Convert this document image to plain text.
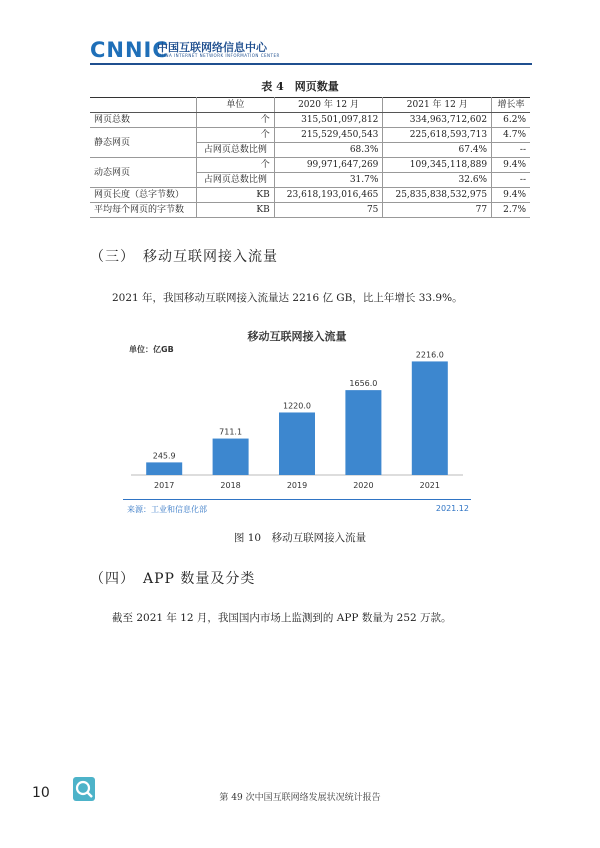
CNNIC
中国互联网络信息中心
CHINA INTERNET NETWORK INFORMATION CENTER
表 4　网页数量
	单位	2020 年 12 月	2021 年 12 月	增长率
网页总数	个	315,501,097,812	334,963,712,602	6.2%
静态网页	个	215,529,450,543	225,618,593,713	4.7%
	占网页总数比例	68.3%	67.4%	--
动态网页	个	99,971,647,269	109,345,118,889	9.4%
	占网页总数比例	31.7%	32.6%	--
网页长度（总字节数）	KB	23,618,193,016,465	25,835,838,532,975	9.4%
平均每个网页的字节数	KB	75	77	2.7%
（三）　移动互联网接入流量
2021 年，我国移动互联网接入流量达 2216 亿 GB，比上年增长 33.9%。
移动互联网接入流量
单位：亿GB
245.9
2017
711.1
2018
1220.0
2019
1656.0
2020
2216.0
2021
来源：工业和信息化部	2021.12
图 10　移动互联网接入流量
（四）　APP 数量及分类
截至 2021 年 12 月，我国国内市场上监测到的 APP 数量为 252 万款。
10	第 49 次中国互联网络发展状况统计报告
